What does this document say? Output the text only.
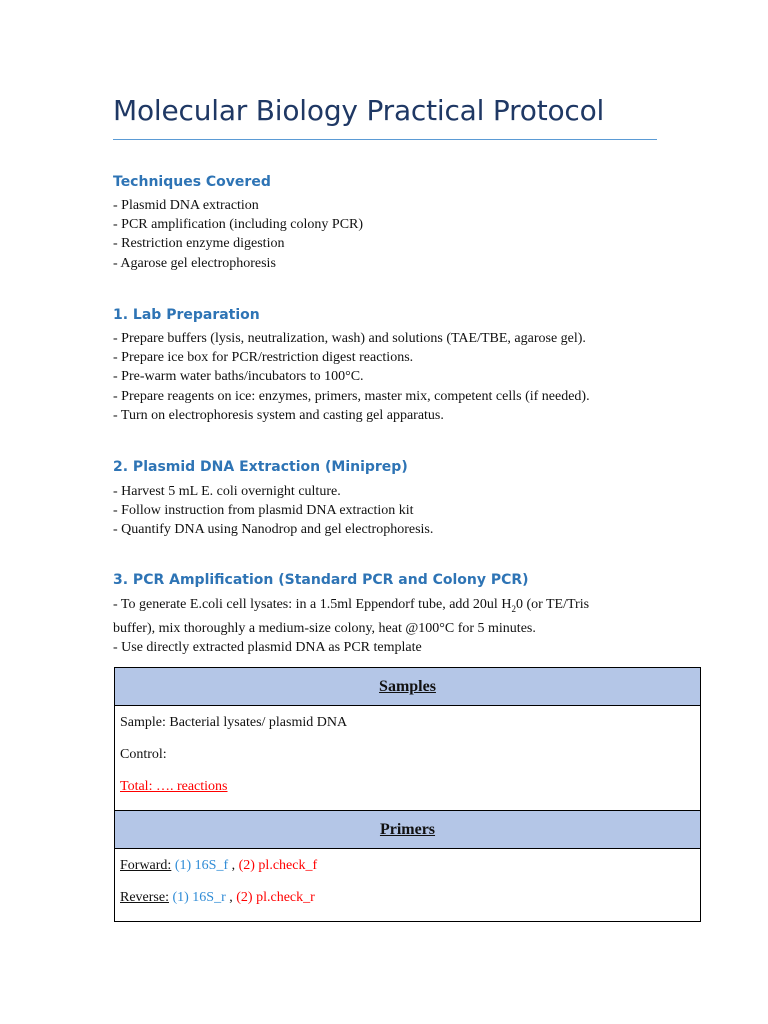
Molecular Biology Practical Protocol
Techniques Covered
- Plasmid DNA extraction
- PCR amplification (including colony PCR)
- Restriction enzyme digestion
- Agarose gel electrophoresis
1. Lab Preparation
- Prepare buffers (lysis, neutralization, wash) and solutions (TAE/TBE, agarose gel).
- Prepare ice box for PCR/restriction digest reactions.
- Pre-warm water baths/incubators to 100°C.
- Prepare reagents on ice: enzymes, primers, master mix, competent cells (if needed).
- Turn on electrophoresis system and casting gel apparatus.
2. Plasmid DNA Extraction (Miniprep)
- Harvest 5 mL E. coli overnight culture.
- Follow instruction from plasmid DNA extraction kit
- Quantify DNA using Nanodrop and gel electrophoresis.
3. PCR Amplification (Standard PCR and Colony PCR)
- To generate E.coli cell lysates: in a 1.5ml Eppendorf tube, add 20ul $H_20$ (or TE/Tris
buffer), mix thoroughly a medium-size colony, heat @100°C for 5 minutes.
- Use directly extracted plasmid DNA as PCR template
Samples

Sample: Bacterial lysates/ plasmid DNA

Control:

Total: …. reactions

Primers

Forward: (1) 16S_f , (2) pl.check_f

Reverse: (1) 16S_r , (2) pl.check_r
